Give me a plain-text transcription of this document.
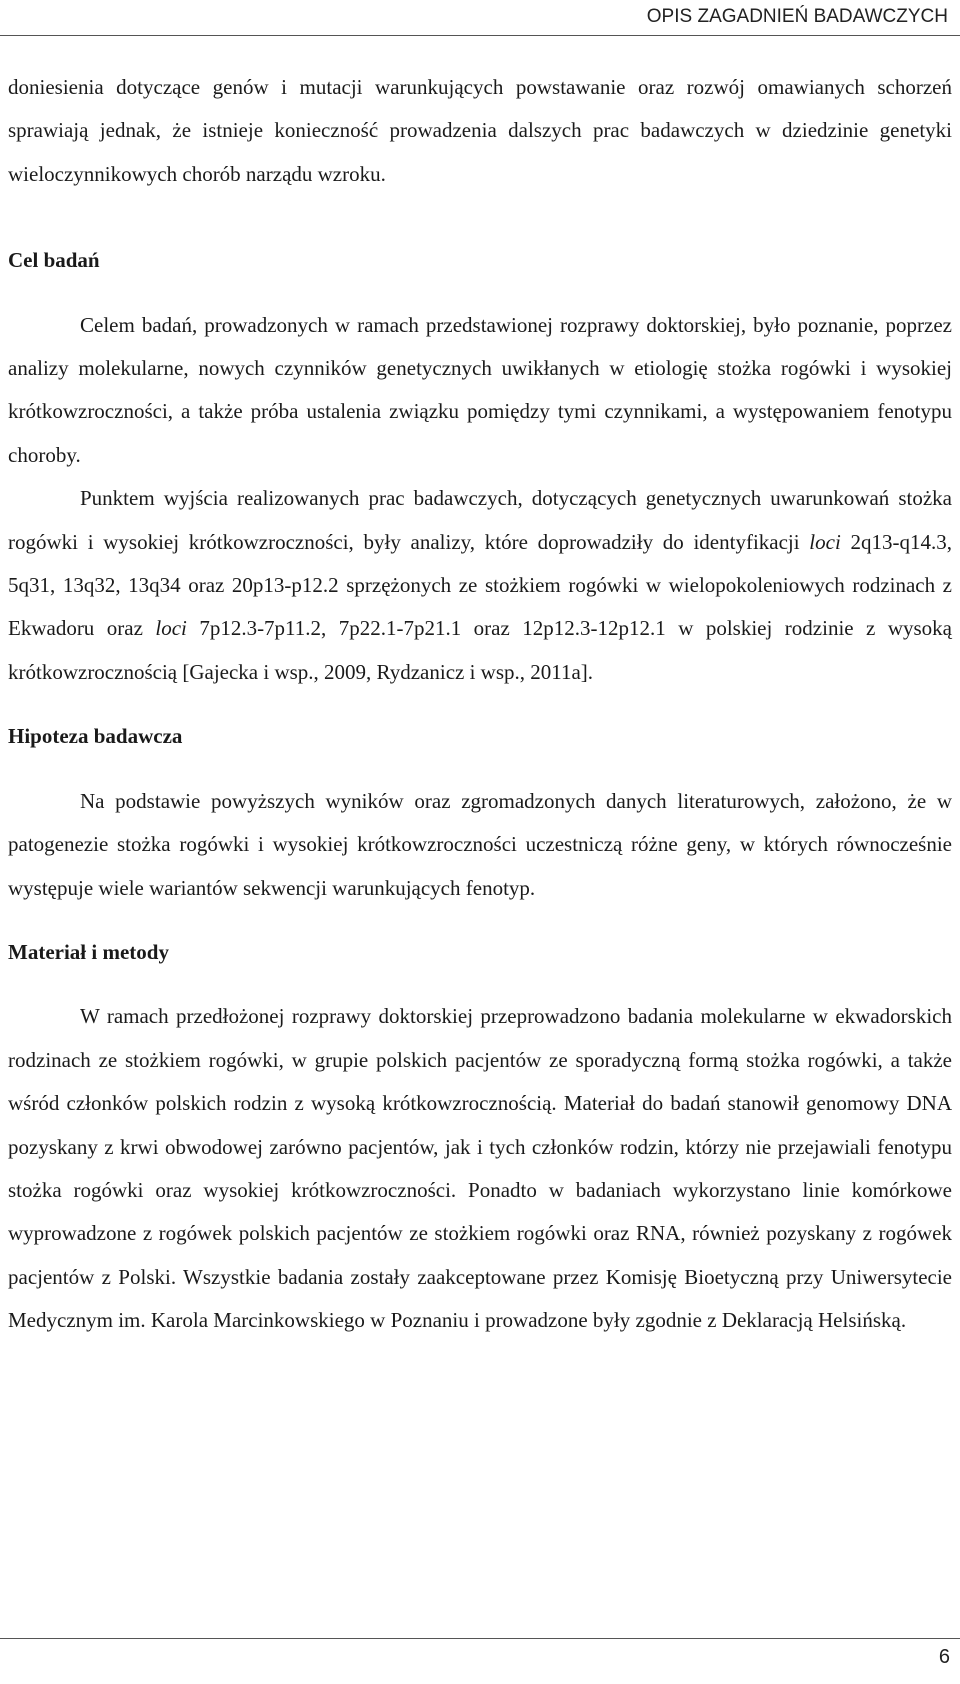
OPIS ZAGADNIEŃ BADAWCZYCH

doniesienia dotyczące genów i mutacji warunkujących powstawanie oraz rozwój omawianych schorzeń sprawiają jednak, że istnieje konieczność prowadzenia dalszych prac badawczych w dziedzinie genetyki wieloczynnikowych chorób narządu wzroku.

Cel badań

Celem badań, prowadzonych w ramach przedstawionej rozprawy doktorskiej, było poznanie, poprzez analizy molekularne, nowych czynników genetycznych uwikłanych w etiologię stożka rogówki i wysokiej krótkowzroczności, a także próba ustalenia związku pomiędzy tymi czynnikami, a występowaniem fenotypu choroby.

Punktem wyjścia realizowanych prac badawczych, dotyczących genetycznych uwarunkowań stożka rogówki i wysokiej krótkowzroczności, były analizy, które doprowadziły do identyfikacji loci 2q13-q14.3, 5q31, 13q32, 13q34 oraz 20p13-p12.2 sprzężonych ze stożkiem rogówki w wielopokoleniowych rodzinach z Ekwadoru oraz loci 7p12.3-7p11.2, 7p22.1-7p21.1 oraz 12p12.3-12p12.1 w polskiej rodzinie z wysoką krótkowzrocznością [Gajecka i wsp., 2009, Rydzanicz i wsp., 2011a].

Hipoteza badawcza

Na podstawie powyższych wyników oraz zgromadzonych danych literaturowych, założono, że w patogenezie stożka rogówki i wysokiej krótkowzroczności uczestniczą różne geny, w których równocześnie występuje wiele wariantów sekwencji warunkujących fenotyp.

Materiał i metody

W ramach przedłożonej rozprawy doktorskiej przeprowadzono badania molekularne w ekwadorskich rodzinach ze stożkiem rogówki, w grupie polskich pacjentów ze sporadyczną formą stożka rogówki, a także wśród członków polskich rodzin z wysoką krótkowzrocznością. Materiał do badań stanowił genomowy DNA pozyskany z krwi obwodowej zarówno pacjentów, jak i tych członków rodzin, którzy nie przejawiali fenotypu stożka rogówki oraz wysokiej krótkowzroczności. Ponadto w badaniach wykorzystano linie komórkowe wyprowadzone z rogówek polskich pacjentów ze stożkiem rogówki oraz RNA, również pozyskany z rogówek pacjentów z Polski. Wszystkie badania zostały zaakceptowane przez Komisję Bioetyczną przy Uniwersytecie Medycznym im. Karola Marcinkowskiego w Poznaniu i prowadzone były zgodnie z Deklaracją Helsińską.

6
